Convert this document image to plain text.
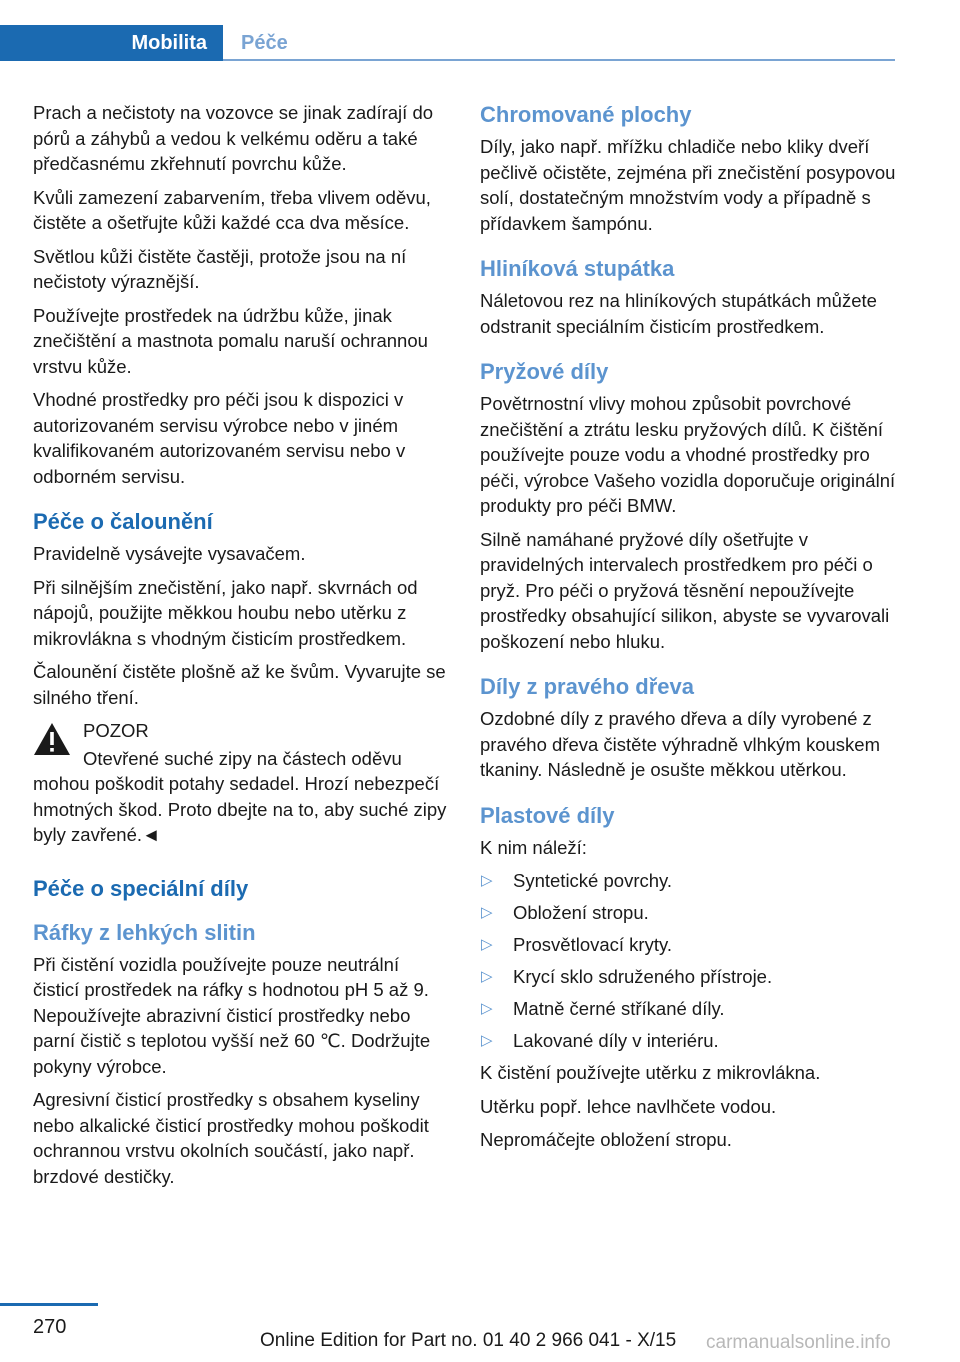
Mobilita	Péče

Prach a nečistoty na vozovce se jinak zadírají do pórů a záhybů a vedou k velkému oděru a také předčasnému zkřehnutí povrchu kůže.

Kvůli zamezení zabarvením, třeba vlivem oděvu, čistěte a ošetřujte kůži každé cca dva měsíce.

Světlou kůži čistěte častěji, protože jsou na ní nečistoty výraznější.

Používejte prostředek na údržbu kůže, jinak znečištění a mastnota pomalu naruší ochrannou vrstvu kůže.

Vhodné prostředky pro péči jsou k dispozici v autorizovaném servisu výrobce nebo v jiném kvalifikovaném autorizovaném servisu nebo v odborném servisu.

Péče o čalounění

Pravidelně vysávejte vysavačem.

Při silnějším znečistění, jako např. skvrnách od nápojů, použijte měkkou houbu nebo utěrku z mikrovlákna s vhodným čisticím prostředkem.

Čalounění čistěte plošně až ke švům. Vyvarujte se silného tření.

POZOR

Otevřené suché zipy na částech oděvu

mohou poškodit potahy sedadel. Hrozí nebezpečí hmotných škod. Proto dbejte na to, aby suché zipy byly zavřené.◄

Péče o speciální díly
Ráfky z lehkých slitin

Při čistění vozidla používejte pouze neutrální čisticí prostředek na ráfky s hodnotou pH 5 až 9. Nepoužívejte abrazivní čisticí prostředky nebo parní čistič s teplotou vyšší než 60 ℃. Dodržujte pokyny výrobce.

Agresivní čisticí prostředky s obsahem kyseliny nebo alkalické čisticí prostředky mohou poškodit ochrannou vrstvu okolních součástí, jako např. brzdové destičky.

Chromované plochy

Díly, jako např. mřížku chladiče nebo kliky dveří pečlivě očistěte, zejména při znečistění posypovou solí, dostatečným množstvím vody a případně s přídavkem šampónu.

Hliníková stupátka

Náletovou rez na hliníkových stupátkách můžete odstranit speciálním čisticím prostředkem.

Pryžové díly

Povětrnostní vlivy mohou způsobit povrchové znečištění a ztrátu lesku pryžových dílů. K čištění používejte pouze vodu a vhodné prostředky pro péči, výrobce Vašeho vozidla doporučuje originální produkty pro péči BMW.

Silně namáhané pryžové díly ošetřujte v pravidelných intervalech prostředkem pro péči o pryž. Pro péči o pryžová těsnění nepoužívejte prostředky obsahující silikon, abyste se vyvarovali poškození nebo hluku.

Díly z pravého dřeva

Ozdobné díly z pravého dřeva a díly vyrobené z pravého dřeva čistěte výhradně vlhkým kouskem tkaniny. Následně je osušte měkkou utěrkou.

Plastové díly

K nim náleží:

▷ Syntetické povrchy.
▷ Obložení stropu.
▷ Prosvětlovací kryty.
▷ Krycí sklo sdruženého přístroje.
▷ Matně černé stříkané díly.
▷ Lakované díly v interiéru.

K čistění používejte utěrku z mikrovlákna.

Utěrku popř. lehce navlhčete vodou.

Nepromáčejte obložení stropu.

270
Online Edition for Part no. 01 40 2 966 041 - X/15 carmanualsonline.info
